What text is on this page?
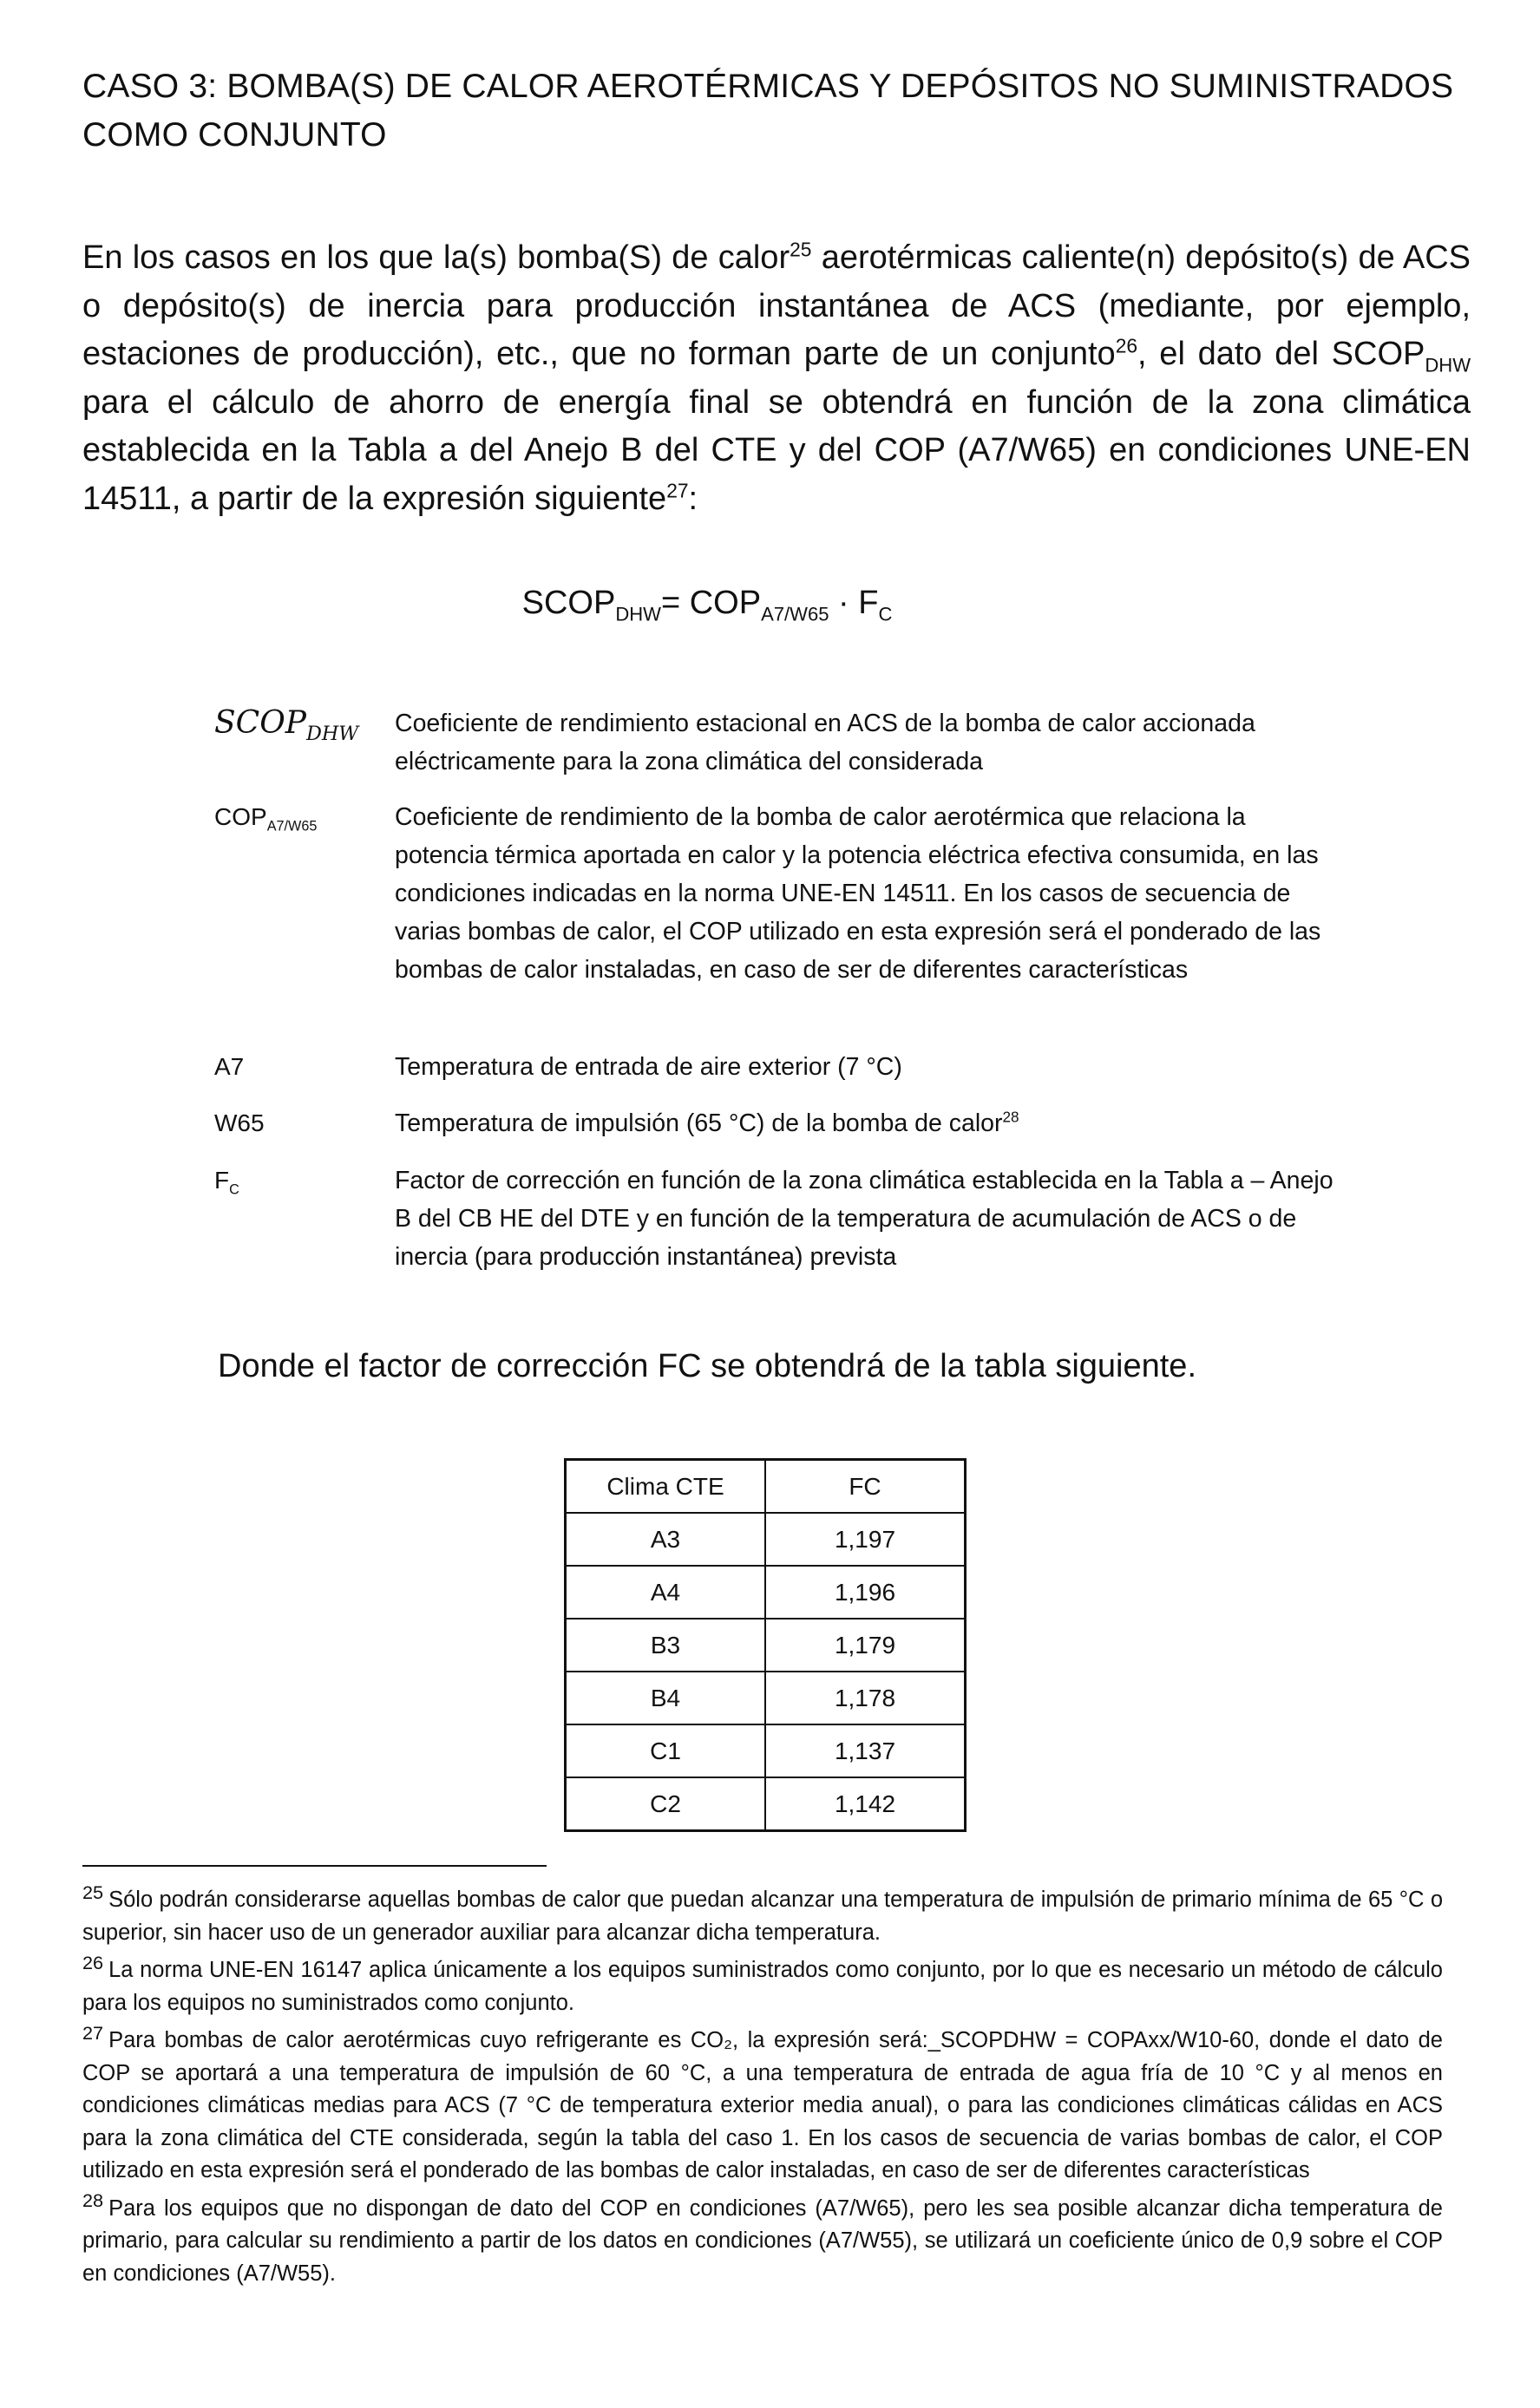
CASO 3: BOMBA(S) DE CALOR AEROTÉRMICAS Y DEPÓSITOS NO SUMINISTRADOS COMO CONJUNTO
En los casos en los que la(s) bomba(S) de calor$^{25}$ aerotérmicas caliente(n) depósito(s) de ACS o depósito(s) de inercia para producción instantánea de ACS (mediante, por ejemplo, estaciones de producción), etc., que no forman parte de un conjunto$^{26}$, el dato del $SCOP_{DHW}$ para el cálculo de ahorro de energía final se obtendrá en función de la zona climática establecida en la Tabla a del Anejo B del CTE y del COP (A7/W65) en condiciones UNE-EN 14511, a partir de la expresión siguiente$^{27}$:
$SCOP_{DHW}= COP_{A7/W65} \cdot F_C$
$SCOP_{DHW}$ Coeficiente de rendimiento estacional en ACS de la bomba de calor accionada eléctricamente para la zona climática del considerada
$COP_{A7/W65}$	Coeficiente de rendimiento de la bomba de calor aerotérmica que relaciona la potencia térmica aportada en calor y la potencia eléctrica efectiva consumida, en las condiciones indicadas en la norma UNE-EN 14511. En los casos de secuencia de varias bombas de calor, el COP utilizado en esta expresión será el ponderado de las bombas de calor instaladas, en caso de ser de diferentes características
A7	Temperatura de entrada de aire exterior (7 °C)
W65	Temperatura de impulsión (65 °C) de la bomba de calor$^{28}$
$F_C$	Factor de corrección en función de la zona climática establecida en la Tabla a – Anejo B del CB HE del DTE y en función de la temperatura de acumulación de ACS o de inercia (para producción instantánea) prevista
Donde el factor de corrección FC se obtendrá de la tabla siguiente.
Clima CTE	FC
A3	1,197
A4	1,196
B3	1,179
B4	1,178
C1	1,137
C2	1,142
$^{25}$ Sólo podrán considerarse aquellas bombas de calor que puedan alcanzar una temperatura de impulsión de primario mínima de 65 °C o superior, sin hacer uso de un generador auxiliar para alcanzar dicha temperatura.
$^{26}$ La norma UNE-EN 16147 aplica únicamente a los equipos suministrados como conjunto, por lo que es necesario un método de cálculo para los equipos no suministrados como conjunto.
$^{27}$ Para bombas de calor aerotérmicas cuyo refrigerante es CO₂, la expresión será:_SCOPDHW = COPAxx/W10-60, donde el dato de COP se aportará a una temperatura de impulsión de 60 °C, a una temperatura de entrada de agua fría de 10 °C y al menos en condiciones climáticas medias para ACS (7 °C de temperatura exterior media anual), o para las condiciones climáticas cálidas en ACS para la zona climática del CTE considerada, según la tabla del caso 1. En los casos de secuencia de varias bombas de calor, el COP utilizado en esta expresión será el ponderado de las bombas de calor instaladas, en caso de ser de diferentes características
$^{28}$ Para los equipos que no dispongan de dato del COP en condiciones (A7/W65), pero les sea posible alcanzar dicha temperatura de primario, para calcular su rendimiento a partir de los datos en condiciones (A7/W55), se utilizará un coeficiente único de 0,9 sobre el COP en condiciones (A7/W55).
